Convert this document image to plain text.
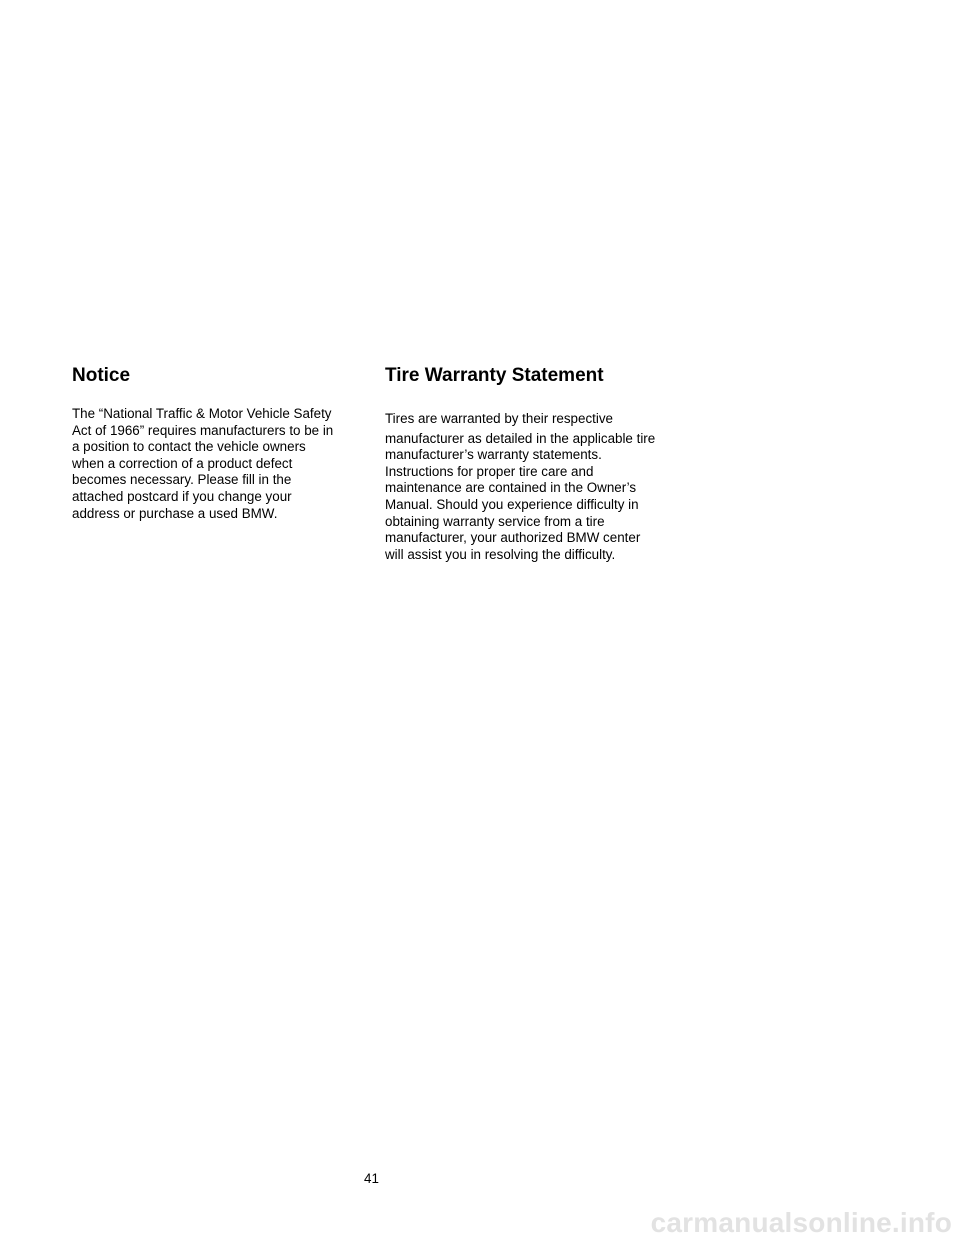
Notice

The “National Traffic & Motor Vehicle Safety
Act of 1966” requires manufacturers to be in
a position to contact the vehicle owners
when a correction of a product defect
becomes necessary. Please fill in the
attached postcard if you change your
address or purchase a used BMW.

Tire Warranty Statement

Tires are warranted by their respective
manufacturer as detailed in the applicable tire
manufacturer’s warranty statements.
Instructions for proper tire care and
maintenance are contained in the Owner’s
Manual. Should you experience difficulty in
obtaining warranty service from a tire
manufacturer, your authorized BMW center
will assist you in resolving the difficulty.

41
carmanualsonline.info
